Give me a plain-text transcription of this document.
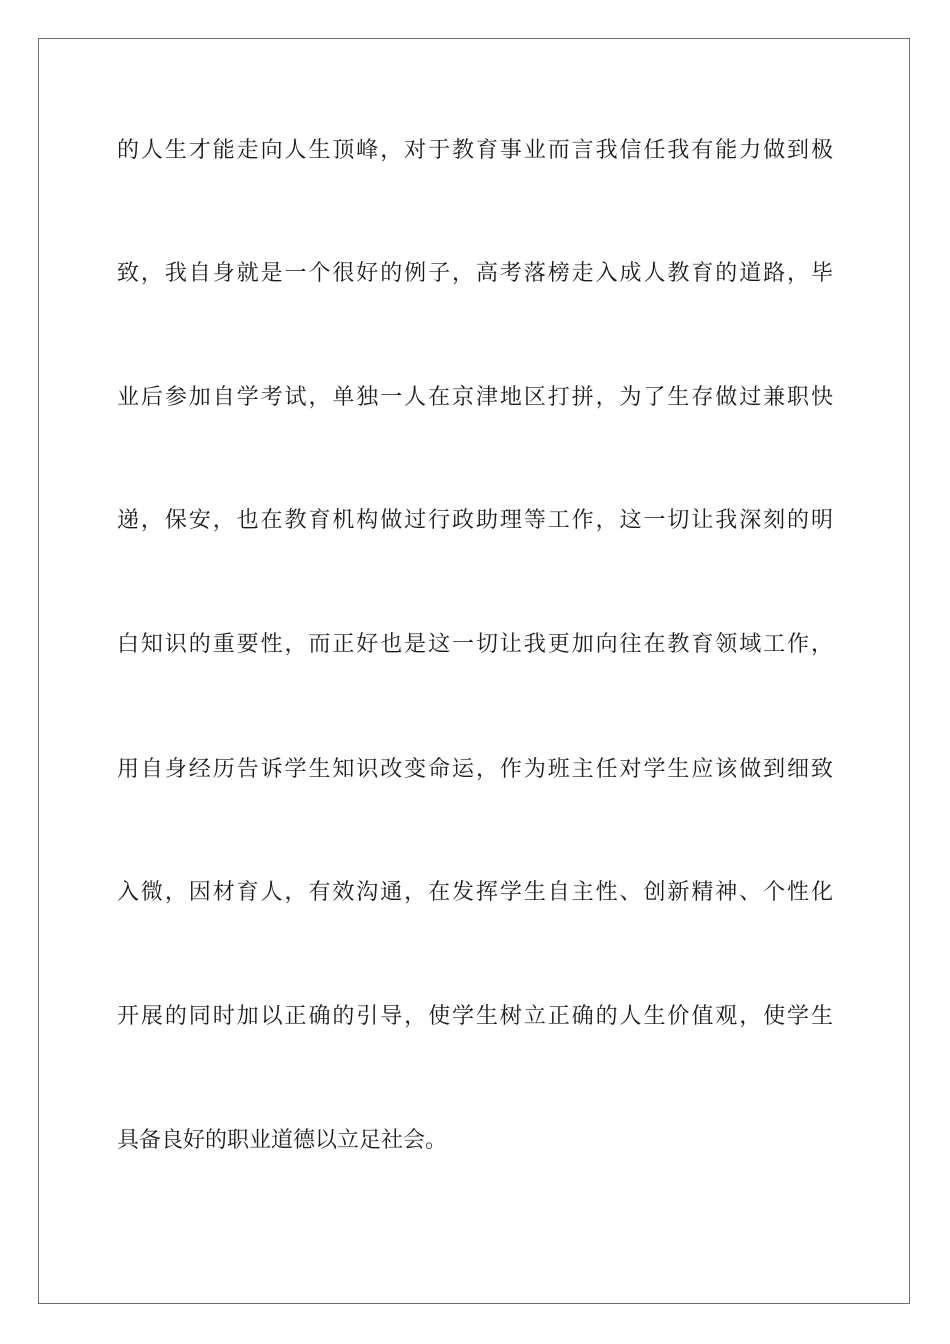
的人生才能走向人生顶峰，对于教育事业而言我信任我有能力做到极
致，我自身就是一个很好的例子，高考落榜走入成人教育的道路，毕
业后参加自学考试，单独一人在京津地区打拼，为了生存做过兼职快
递，保安，也在教育机构做过行政助理等工作，这一切让我深刻的明
白知识的重要性，而正好也是这一切让我更加向往在教育领域工作，
用自身经历告诉学生知识改变命运，作为班主任对学生应该做到细致
入微，因材育人，有效沟通，在发挥学生自主性、创新精神、个性化
开展的同时加以正确的引导，使学生树立正确的人生价值观，使学生
具备良好的职业道德以立足社会。
